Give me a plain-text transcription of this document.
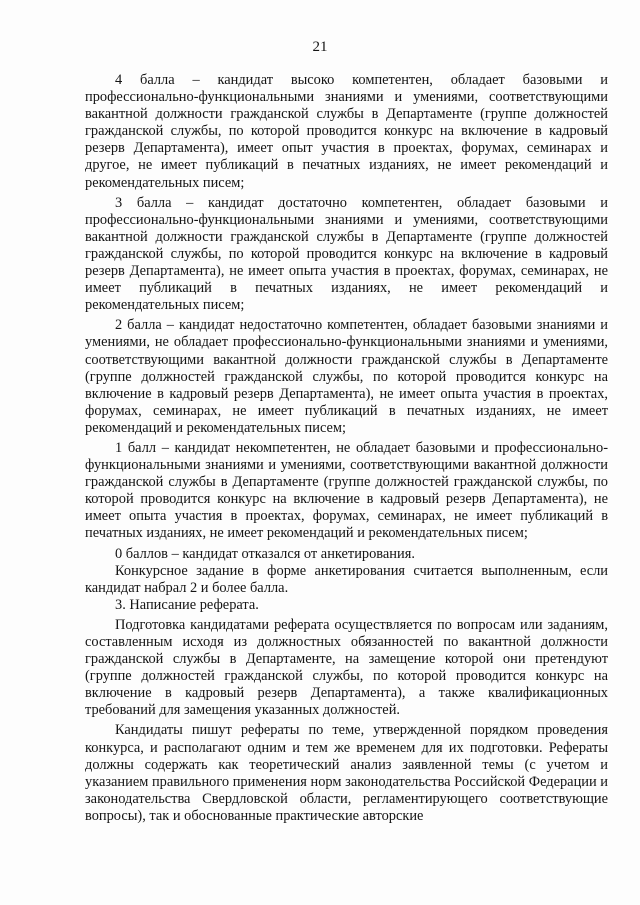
21

4 балла – кандидат высоко компетентен, обладает базовыми и профессионально-функциональными знаниями и умениями, соответствующими вакантной должности гражданской службы в Департаменте (группе должностей гражданской службы, по которой проводится конкурс на включение в кадровый резерв Департамента), имеет опыт участия в проектах, форумах, семинарах и другое, не имеет публикаций в печатных изданиях, не имеет рекомендаций и рекомендательных писем;

3 балла – кандидат достаточно компетентен, обладает базовыми и профессионально-функциональными знаниями и умениями, соответствующими вакантной должности гражданской службы в Департаменте (группе должностей гражданской службы, по которой проводится конкурс на включение в кадровый резерв Департамента), не имеет опыта участия в проектах, форумах, семинарах, не имеет публикаций в печатных изданиях, не имеет рекомендаций и рекомендательных писем;

2 балла – кандидат недостаточно компетентен, обладает базовыми знаниями и умениями, не обладает профессионально-функциональными знаниями и умениями, соответствующими вакантной должности гражданской службы в Департаменте (группе должностей гражданской службы, по которой проводится конкурс на включение в кадровый резерв Департамента), не имеет опыта участия в проектах, форумах, семинарах, не имеет публикаций в печатных изданиях, не имеет рекомендаций и рекомендательных писем;

1 балл – кандидат некомпетентен, не обладает базовыми и профессионально-функциональными знаниями и умениями, соответствующими вакантной должности гражданской службы в Департаменте (группе должностей гражданской службы, по которой проводится конкурс на включение в кадровый резерв Департамента), не имеет опыта участия в проектах, форумах, семинарах, не имеет публикаций в печатных изданиях, не имеет рекомендаций и рекомендательных писем;

0 баллов – кандидат отказался от анкетирования.

Конкурсное задание в форме анкетирования считается выполненным, если кандидат набрал 2 и более балла.

3. Написание реферата.

Подготовка кандидатами реферата осуществляется по вопросам или заданиям, составленным исходя из должностных обязанностей по вакантной должности гражданской службы в Департаменте, на замещение которой они претендуют (группе должностей гражданской службы, по которой проводится конкурс на включение в кадровый резерв Департамента), а также квалификационных требований для замещения указанных должностей.

Кандидаты пишут рефераты по теме, утвержденной порядком проведения конкурса, и располагают одним и тем же временем для их подготовки. Рефераты должны содержать как теоретический анализ заявленной темы (с учетом и указанием правильного применения норм законодательства Российской Федерации и законодательства Свердловской области, регламентирующего соответствующие вопросы), так и обоснованные практические авторские
